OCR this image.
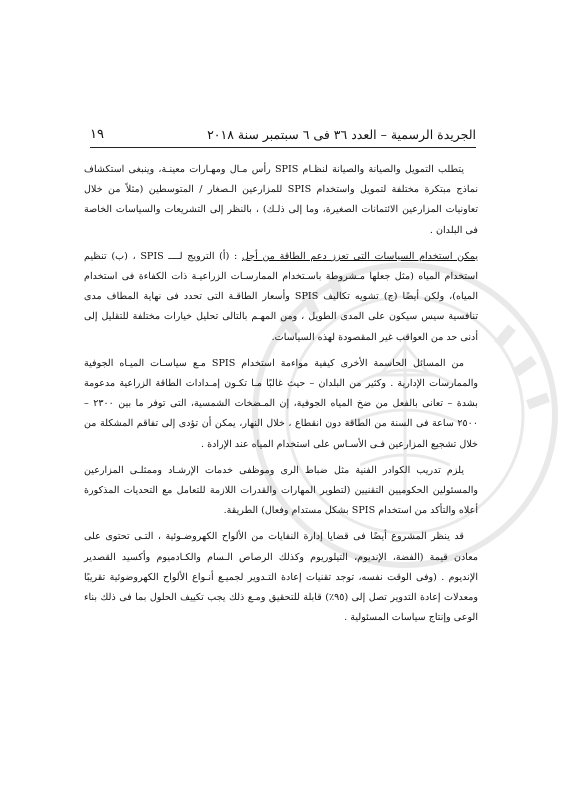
الجريدة الرسمية – العدد ٣٦ فى ٦ سبتمبر سنة ٢٠١٨
١٩

يتطلب التمويل والصيانة والصيانة لنظـام SPIS رأس مـال ومهـارات معينـة، وينبغى استكشاف نماذج مبتكرة مختلفة لتمويل واستخدام SPIS للمزارعين الـصغار / المتوسطين (مثلاً من خلال تعاونيات المزارعين الائتمانات الصغيرة، وما إلى ذلـك) ، بالنظر إلى التشريعات والسياسات الخاصة فى البلدان .

يمكن استخدام السياسات التى تعزز دعم الطاقة من أجل : (أ) الترويج لــــ SPIS ، (ب) تنظيم استخدام المياه (مثل جعلها مـشروطة باسـتخدام الممارسـات الزراعيـة ذات الكفاءة فى استخدام المياه)، ولكن أيضًا (ج) تشويه تكاليف SPIS وأسعار الطاقـة التى تحدد فى نهاية المطاف مدى تنافسية سيس سيكون على المدى الطويل ، ومن المهـم بالتالى تحليل خيارات مختلفة للتقليل إلى أدنى حد من العواقب غير المقصودة لهذه السياسات.

من المسائل الحاسمة الأخرى كيفية مواءمة استخدام SPIS مـع سياسـات الميـاه الجوفية والممارسات الإدارية . وكثير من البلدان – حيث غالبًا مـا تكـون إمـدادات الطاقة الزراعية مدعومة بشدة – تعانى بالفعل من ضخ المياه الجوفية، إن المـضخات الشمسية، التى توفر ما بين ٢٣٠٠ – ٢٥٠٠ ساعة فى السنة من الطاقة دون انقطاع ، خلال النهار، يمكن أن تؤدى إلى تفاقم المشكلة من خلال تشجيع المزارعين فـى الأسـاس على استخدام المياه عند الإرادة .

يلزم تدريب الكوادر الفنية مثل ضباط الرى وموظفى خدمات الإرشـاد وممثلـى المزارعين والمسئولين الحكوميين التقنيين (لتطوير المهارات والقدرات اللازمة للتعامل مع التحديات المذكورة أعلاه والتأكد من استخدام SPIS بشكل مستدام وفعال) الطريقة.

قد ينظر المشروع أيضًا فى قضايا إدارة النفايات من الألواح الكهروضـوئية ، التـى تحتوى على معادن قيمة (الفضة، الإنديوم، التيلوريوم وكذلك الرصاص الـسام والكـادميوم وأكسيد القصدير الإنديوم . (وفى الوقت نفسه، توجد تقنيات إعادة التـدوير لجميـع أنـواع الألواح الكهروضوئية تقريبًا ومعدلات إعادة التدوير تصل إلى (٩٥٪) قابلة للتحقيق ومـع ذلك يجب تكييف الحلول بما فى ذلك بناء الوعى وإنتاج سياسات المسئولية .
